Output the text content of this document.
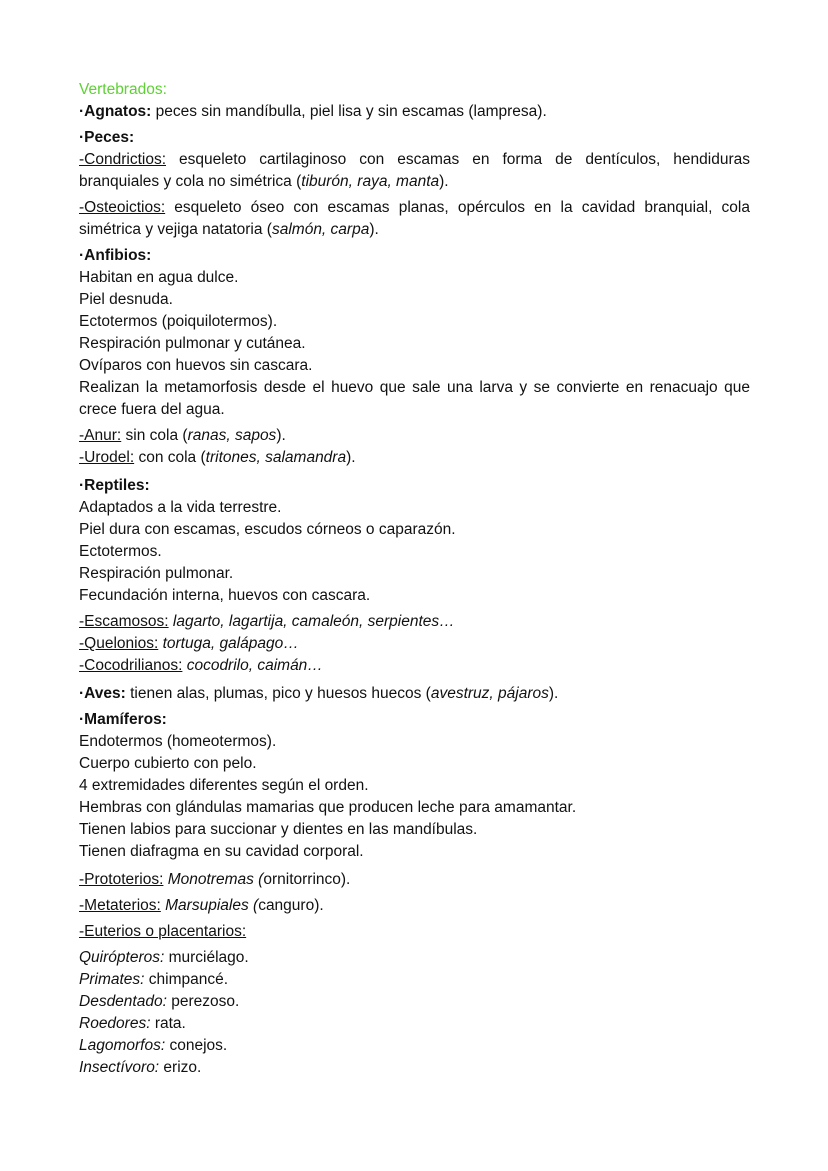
Vertebrados:

·Agnatos: peces sin mandíbulla, piel lisa y sin escamas (lampresa).

·Peces:

-Condrictios: esqueleto cartilaginoso con escamas en forma de dentículos, hendiduras branquiales y cola no simétrica (tiburón, raya, manta).

-Osteoictios: esqueleto óseo con escamas planas, opérculos en la cavidad branquial, cola simétrica y vejiga natatoria (salmón, carpa).

·Anfibios:

Habitan en agua dulce.

Piel desnuda.

Ectotermos (poiquilotermos).

Respiración pulmonar y cutánea.

Ovíparos con huevos sin cascara.

Realizan la metamorfosis desde el huevo que sale una larva y se convierte en renacuajo que crece fuera del agua.

-Anur: sin cola (ranas, sapos).

-Urodel: con cola (tritones, salamandra).

·Reptiles:

Adaptados a la vida terrestre.

Piel dura con escamas, escudos córneos o caparazón.

Ectotermos.

Respiración pulmonar.

Fecundación interna, huevos con cascara.

-Escamosos: lagarto, lagartija, camaleón, serpientes…

-Quelonios: tortuga, galápago…

-Cocodrilianos: cocodrilo, caimán…

·Aves: tienen alas, plumas, pico y huesos huecos (avestruz, pájaros).

·Mamíferos:

Endotermos (homeotermos).

Cuerpo cubierto con pelo.

4 extremidades diferentes según el orden.

Hembras con glándulas mamarias que producen leche para amamantar.

Tienen labios para succionar y dientes en las mandíbulas.

Tienen diafragma en su cavidad corporal.

-Prototerios: Monotremas (ornitorrinco).

-Metaterios: Marsupiales (canguro).

-Euterios o placentarios:

Quirópteros: murciélago.

Primates: chimpancé.

Desdentado: perezoso.

Roedores: rata.

Lagomorfos: conejos.

Insectívoro: erizo.
